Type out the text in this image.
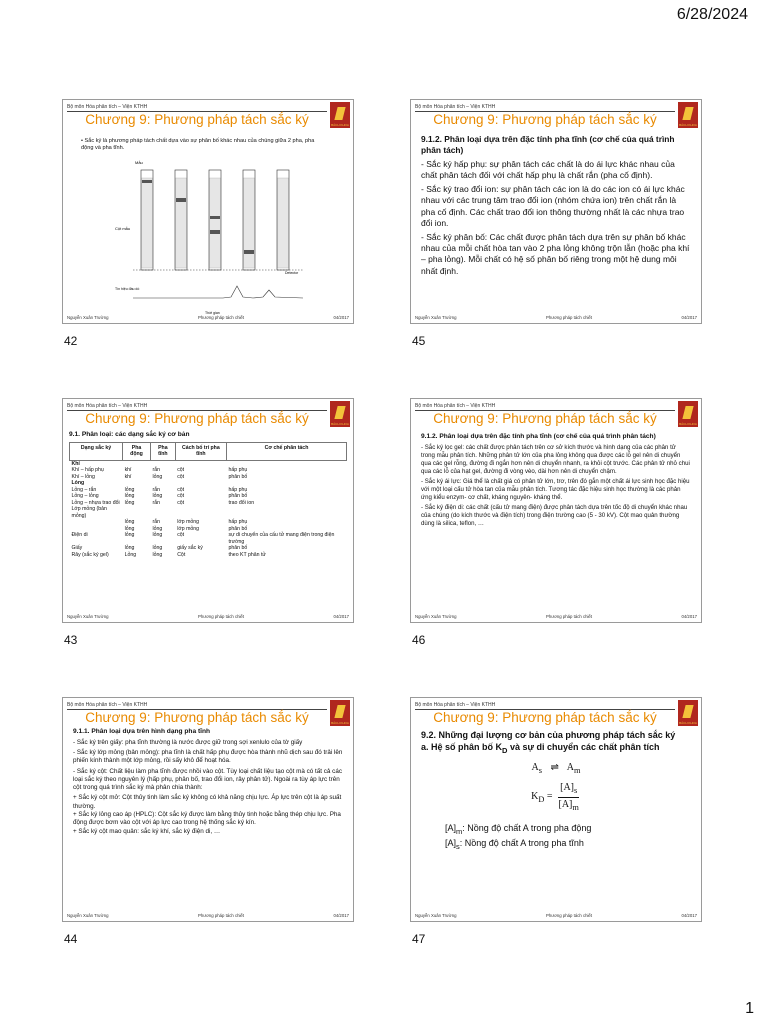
6/28/2024
1
Bộ môn Hóa phân tích – Viện KTHH
BÁCH KHOA
Chương 9: Phương pháp tách sắc ký
• Sắc ký là phương pháp tách chất dựa vào sự phân bố khác nhau của chúng giữa 2 pha, pha động và pha tĩnh.
Mẫu
Cột mẫu
Detector
Tín hiệu đầu dò
Thời gian
Nguyễn Xuân Trường	Phương pháp tách chiết	04/2017
42
Bộ môn Hóa phân tích – Viện KTHH
BÁCH KHOA
Chương 9: Phương pháp tách sắc ký
9.1.2. Phân loại dựa trên đặc tính pha tĩnh (cơ chế của quá trình phân tách)
- Sắc ký hấp phụ: sự phân tách các chất là do ái lực khác nhau của chất phân tách đối với chất hấp phụ là chất rắn (pha cố định).
- Sắc ký trao đổi ion: sự phân tách các ion là do các ion có ái lực khác nhau với các trung tâm trao đổi ion (nhóm chứa ion) trên chất rắn là pha cố định. Các chất trao đổi ion thông thường nhất là các nhựa trao đổi ion.
- Sắc ký phân bố: Các chất được phân tách dựa trên sự phân bố khác nhau của mỗi chất hòa tan vào 2 pha lỏng không trộn lẫn (hoặc pha khí – pha lỏng). Mỗi chất có hệ số phân bố riêng trong một hệ dung môi nhất định.
Nguyễn Xuân Trường	Phương pháp tách chiết	04/2017
45
Bộ môn Hóa phân tích – Viện KTHH
BÁCH KHOA
Chương 9: Phương pháp tách sắc ký
9.1. Phân loại: các dạng sắc ký cơ bản
Dạng sắc ký	Pha động	Pha tĩnh	Cách bố trí pha tĩnh	Cơ chế phân tách
Khí				
Khí – hấp phụ	khí	rắn	cột	hấp phụ
Khí – lỏng	khí	lỏng	cột	phân bố
Lỏng				
Lỏng – rắn	lỏng	rắn	cột	hấp phụ
Lỏng – lỏng	lỏng	lỏng	cột	phân bố
Lỏng – nhựa trao đổi	lỏng	rắn	cột	trao đổi ion
Lớp mỏng (bản mỏng)				
	lỏng	rắn	lớp mỏng	hấp phụ
	lỏng	lỏng	lớp mỏng	phân bố
Điện di	lỏng	lỏng	cột	sự di chuyển của cấu tử mang điện trong điện trường
Giấy	lỏng	lỏng	giấy sắc ký	phân bố
Rây (sắc ký gel)	Lỏng	lỏng	Cột	theo KT phân tử
Nguyễn Xuân Trường	Phương pháp tách chiết	04/2017
43
Bộ môn Hóa phân tích – Viện KTHH
BÁCH KHOA
Chương 9: Phương pháp tách sắc ký
9.1.2. Phân loại dựa trên đặc tính pha tĩnh (cơ chế của quá trình phân tách)
- Sắc ký lọc gel: các chất được phân tách trên cơ sở kích thước và hình dạng của các phân tử trong mẫu phân tích. Những phân tử lớn của pha lỏng không qua được các lỗ gel nên di chuyển qua các gel rỗng, đường đi ngắn hơn nên di chuyển nhanh, ra khỏi cột trước. Các phân tử nhỏ chui qua các lỗ của hạt gel, đường đi vòng vèo, dài hơn nên di chuyển chậm.
- Sắc ký ái lực: Giá thể là chất giá có phân tử lớn, trơ, trên đó gắn một chất ái lực sinh học đặc hiệu với một loại cấu tử hòa tan của mẫu phân tích. Tương tác đặc hiệu sinh học thường là các phản ứng kiểu enzym- cơ chất, kháng nguyên- kháng thể.
- Sắc ký điện di: các chất (cấu tử mang điện) được phân tách dựa trên tốc độ di chuyển khác nhau của chúng (do kích thước và điện tích) trong điện trường cao (5 - 30 kV). Cột mao quản thường dùng là silica, teflon, …
Nguyễn Xuân Trường	Phương pháp tách chiết	04/2017
46
Bộ môn Hóa phân tích – Viện KTHH
BÁCH KHOA
Chương 9: Phương pháp tách sắc ký
9.1.1. Phân loại dựa trên hình dạng pha tĩnh
- Sắc ký trên giấy: pha tĩnh thường là nước được giữ trong sợi xenlulo của tờ giấy
- Sắc ký lớp mỏng (bản mỏng): pha tĩnh là chất hấp phụ được hòa thành nhũ dịch sau đó trải lên phiến kính thành một lớp mỏng, rồi sấy khô để hoạt hóa.
- Sắc ký cột: Chất liệu làm pha tĩnh được nhồi vào cột. Tùy loại chất liệu tạo cột mà có tất cả các loại sắc ký theo nguyên lý (hấp phụ, phân bố, trao đổi ion, rây phân tử). Ngoài ra tùy áp lực trên cột trong quá trình sắc ký mà phân chia thành:
+ Sắc ký cột mở: Cột thủy tinh làm sắc ký không có khả năng chịu lực. Áp lực trên cột là áp suất thường.
+ Sắc ký lỏng cao áp (HPLC): Cột sắc ký được làm bằng thủy tinh hoặc bằng thép chịu lực. Pha động được bơm vào cột với áp lực cao trong hệ thống sắc ký kín.
+ Sắc ký cột mao quản: sắc ký khí, sắc ký điện di, …
Nguyễn Xuân Trường	Phương pháp tách chiết	04/2017
44
Bộ môn Hóa phân tích – Viện KTHH
BÁCH KHOA
Chương 9: Phương pháp tách sắc ký
9.2. Những đại lượng cơ bản của phương pháp tách sắc ký
a. Hệ số phân bố $K_D$ và sự di chuyển các chất phân tích
$A_s$ ⇌ $A_m$
$K_D = \frac{[A]_s}{[A]_m}$
$[A]_m$: Nồng độ chất A trong pha động
$[A]_s$: Nồng độ chất A trong pha tĩnh
Nguyễn Xuân Trường	Phương pháp tách chiết	04/2017
47
